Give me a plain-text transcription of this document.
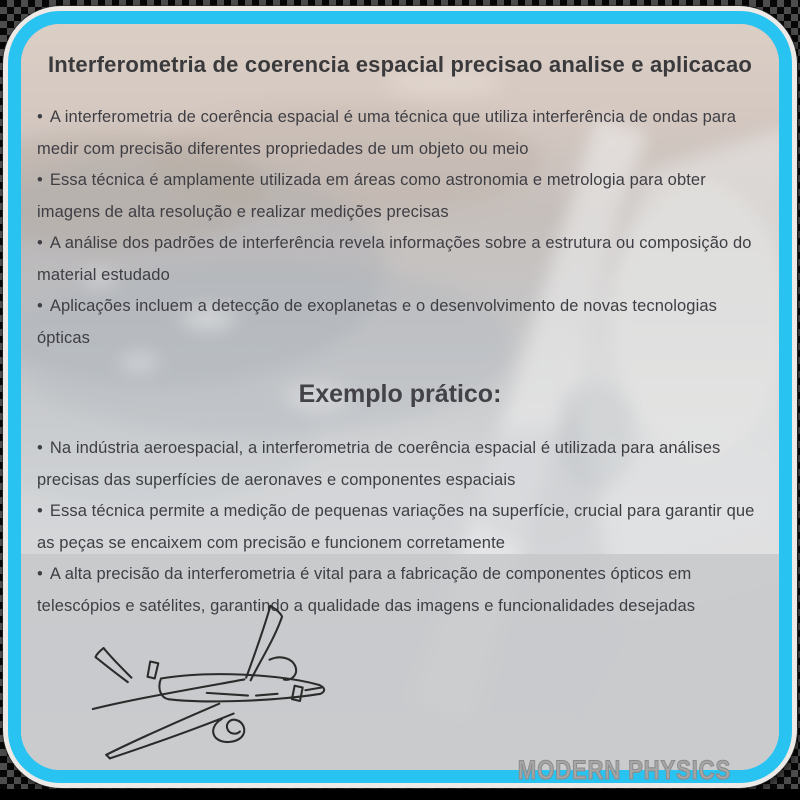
Interferometria de coerencia espacial precisao analise e aplicacao

• A interferometria de coerência espacial é uma técnica que utiliza interferência de ondas para medir com precisão diferentes propriedades de um objeto ou meio

• Essa técnica é amplamente utilizada em áreas como astronomia e metrologia para obter imagens de alta resolução e realizar medições precisas

• A análise dos padrões de interferência revela informações sobre a estrutura ou composição do material estudado

• Aplicações incluem a detecção de exoplanetas e o desenvolvimento de novas tecnologias ópticas

Exemplo prático:

• Na indústria aeroespacial, a interferometria de coerência espacial é utilizada para análises precisas das superfícies de aeronaves e componentes espaciais

• Essa técnica permite a medição de pequenas variações na superfície, crucial para garantir que as peças se encaixem com precisão e funcionem corretamente

• A alta precisão da interferometria é vital para a fabricação de componentes ópticos em telescópios e satélites, garantindo a qualidade das imagens e funcionalidades desejadas

MODERN PHYSICS
